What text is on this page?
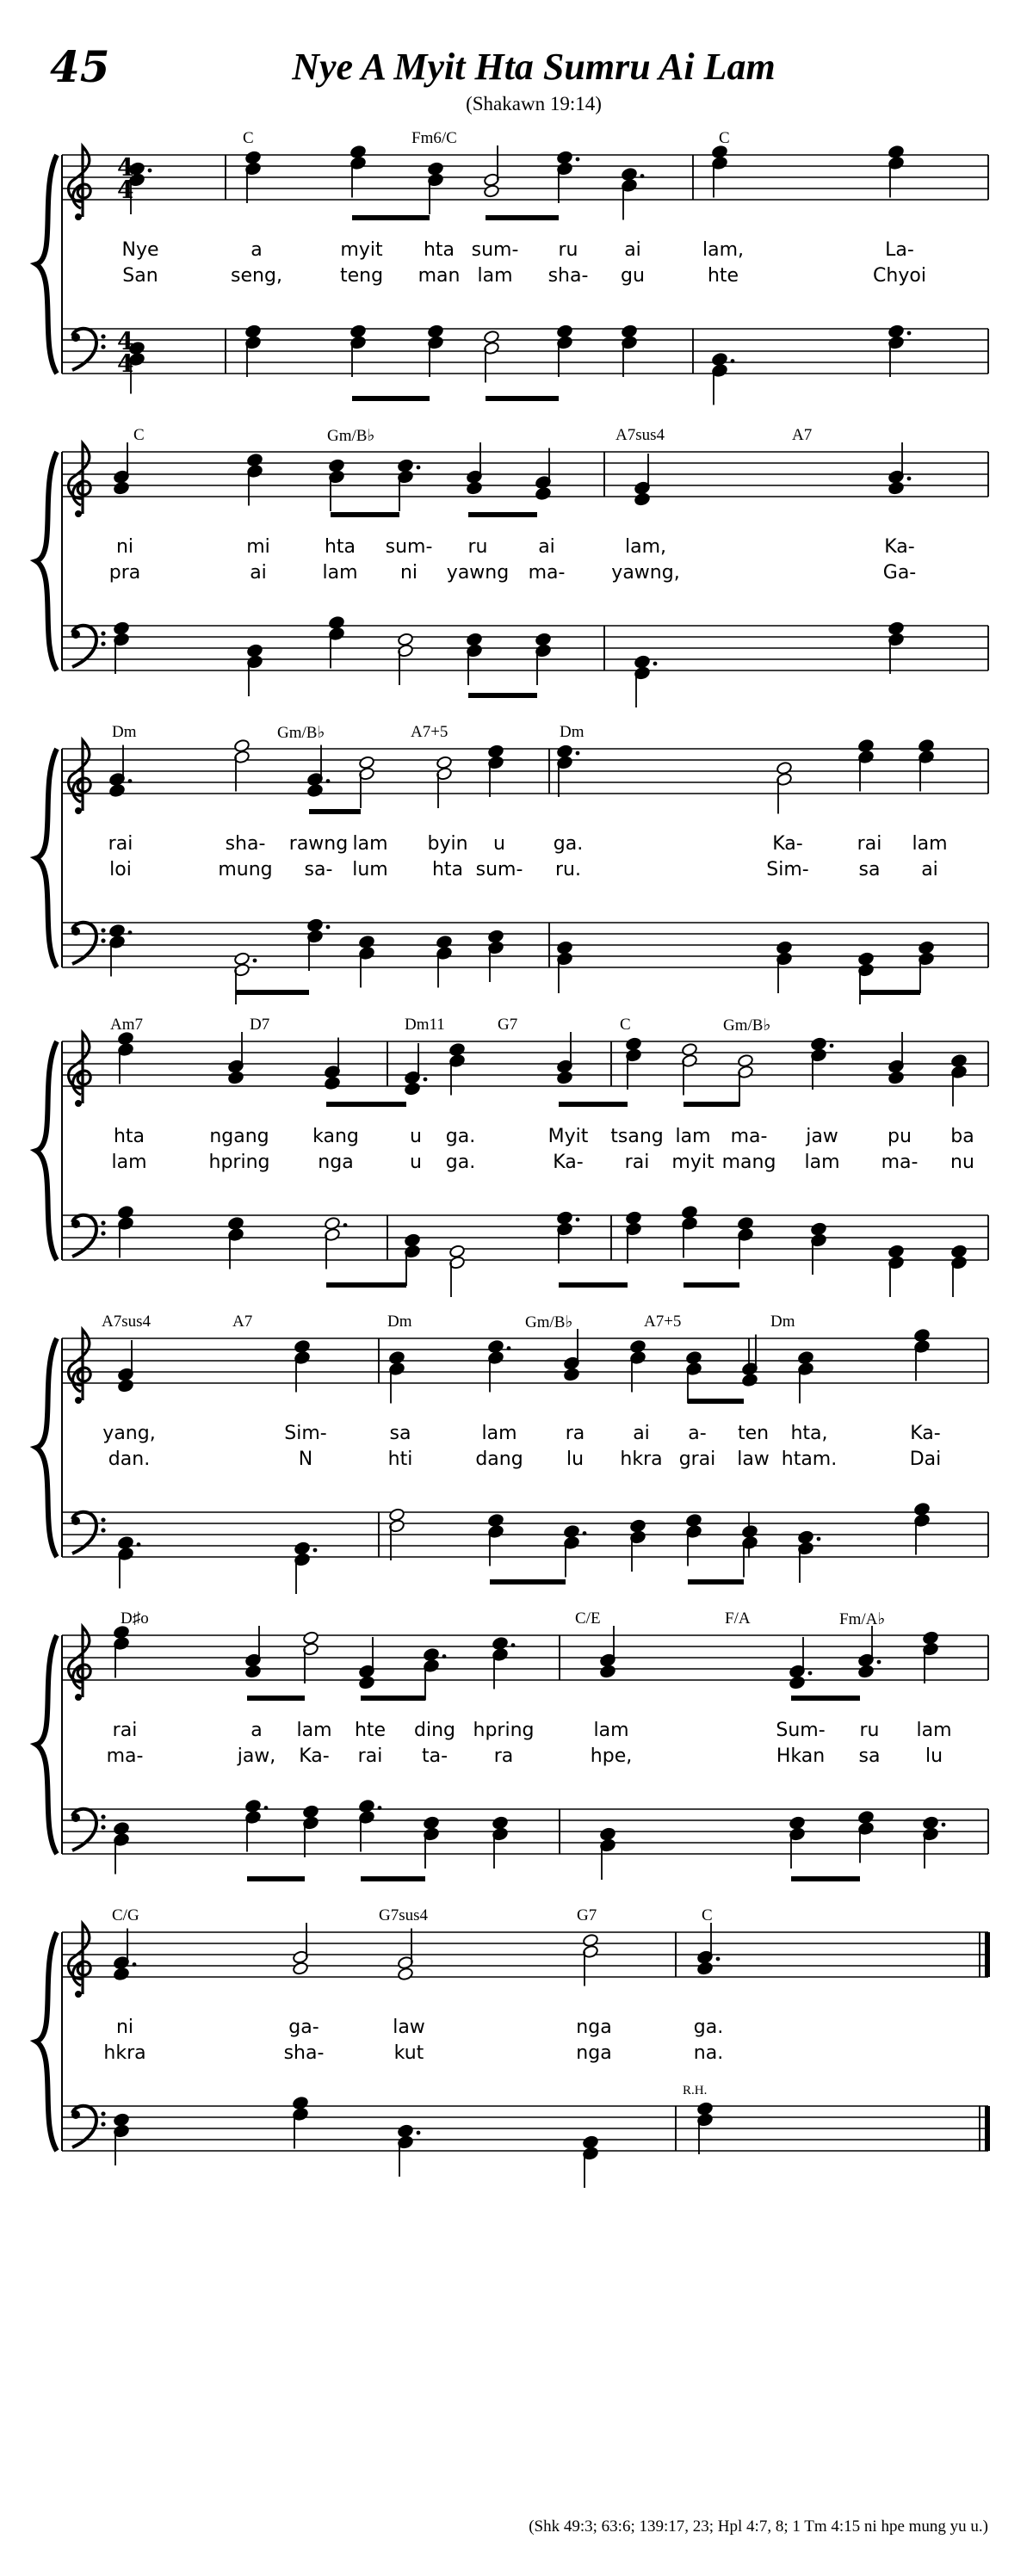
45	Nye A Myit Hta Sumru Ai Lam
(Shakawn 19:14)
4
4
4
4
C	Fm6/C	C
Nye	a	myit hta sum- ru ai	lam,	La-
San	seng,	teng man lam sha- gu	hte	Chyoi
C	Gm/B♭	A7sus4	A7
ni	mi	hta sum- ru	ai	lam,	Ka-
pra	ai	lam ni yawng ma- yawng,	Ga-
Dm	Gm/B♭	A7+5	Dm
rai	sha- rawng lam byin u	ga.	Ka-	rai lam
loi	mung sa- lum hta sum- ru.	Sim-	sa ai
Am7	D7	Dm11	G7	C	Gm/B♭
hta	ngang kang	u ga.	Myit tsang lam ma- jaw	pu ba
lam	hpring	nga	u ga.	Ka- rai myit mang lam ma- nu
A7sus4	A7	Dm	Gm/B♭	A7+5	Dm
yang,	Sim-	sa	lam	ra	ai a- ten hta,	Ka-
dan.	N	hti	dang lu hkra grai law htam.	Dai
D♯o	C/E	F/A	Fm/A♭
rai	a lam hte ding hpring	lam	Sum- ru lam
ma-	jaw, Ka- rai ta- ra	hpe,	Hkan sa lu
C/G	G7sus4	G7	C
ni	ga-	law	nga	ga.
hkra	sha-	kut	nga	na.
R.H.
(Shk 49:3; 63:6; 139:17, 23; Hpl 4:7, 8; 1 Tm 4:15 ni hpe mung yu u.)
